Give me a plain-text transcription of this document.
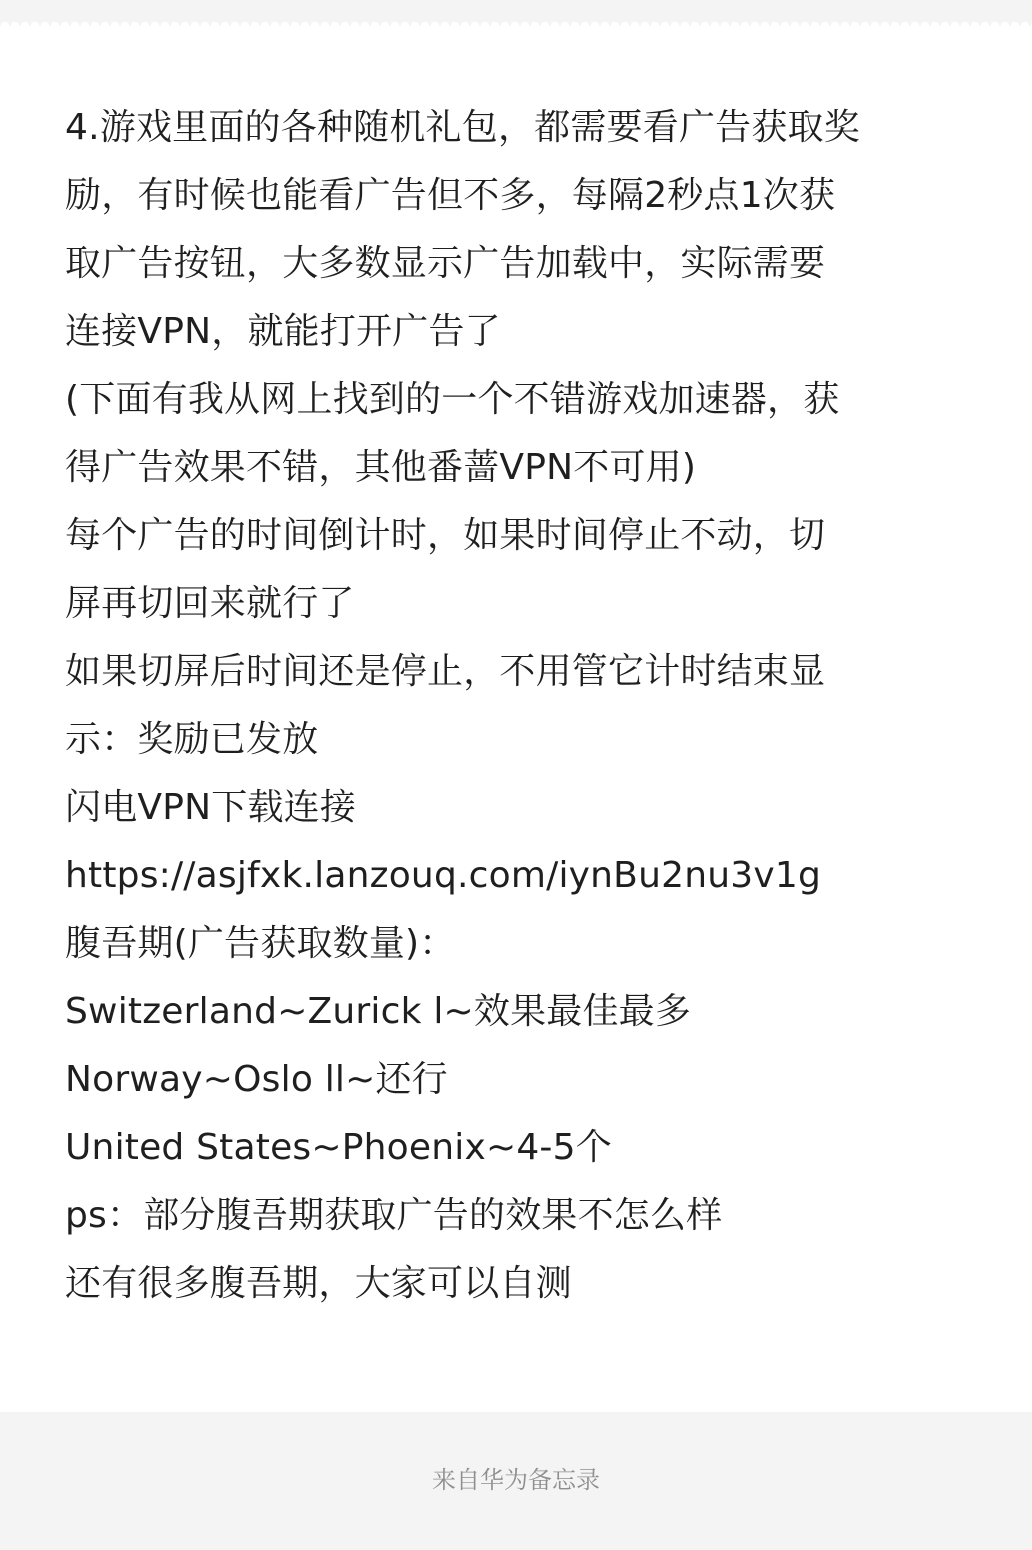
4.游戏里面的各种随机礼包，都需要看广告获取奖
励，有时候也能看广告但不多，每隔2秒点1次获
取广告按钮，大多数显示广告加载中，实际需要
连接VPN，就能打开广告了
(下面有我从网上找到的一个不错游戏加速器，获
得广告效果不错，其他番蔷VPN不可用)
每个广告的时间倒计时，如果时间停止不动，切
屏再切回来就行了
如果切屏后时间还是停止，不用管它计时结束显
示：奖励已发放
闪电VPN下载连接
https://asjfxk.lanzouq.com/iynBu2nu3v1g
腹吾期(广告获取数量)：
Switzerland~Zurick l~效果最佳最多
Norway~Oslo ll~还行
United States~Phoenix~4-5个
ps：部分腹吾期获取广告的效果不怎么样
还有很多腹吾期，大家可以自测
来自华为备忘录
